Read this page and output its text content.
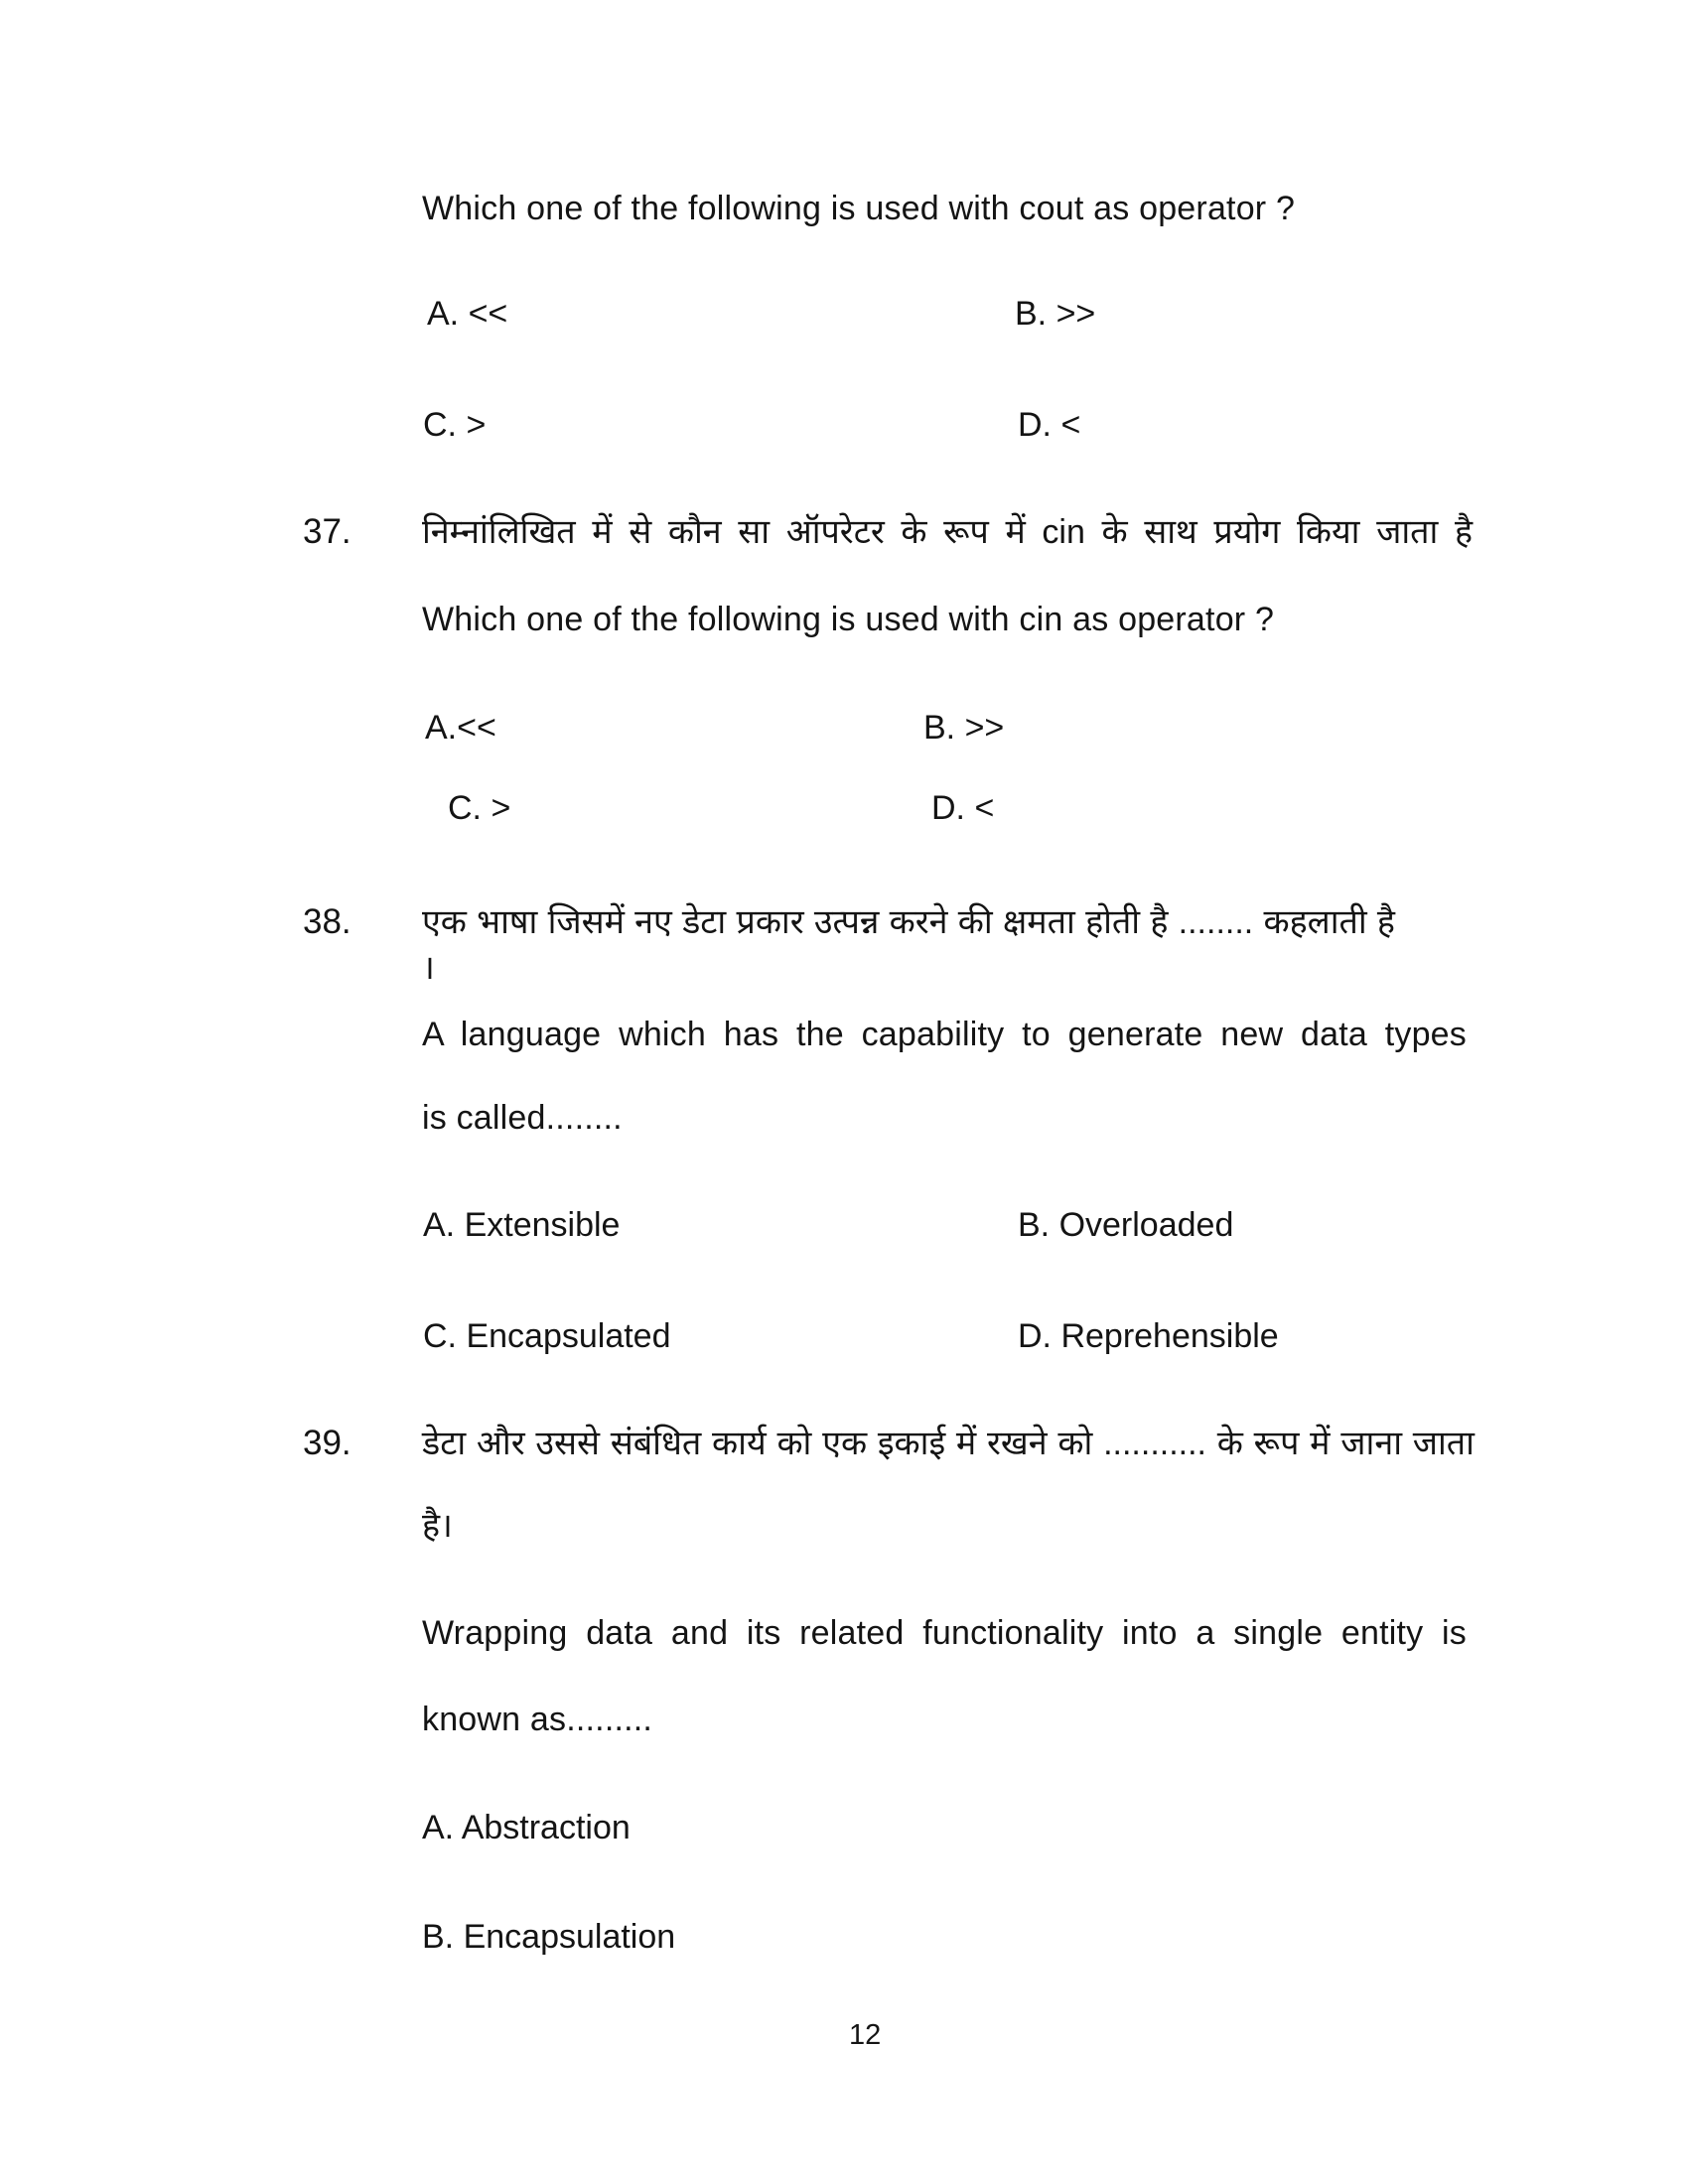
Which one of the following is used with cout as operator ?
A. <<	B. >>
C. >	D. <
37. निम्नांलिखित में से कौन सा ऑपरेटर के रूप में cin के साथ प्रयोग किया जाता है
Which one of the following is used with cin as operator ?
A.<<	B. >>
C. >	D. <
38. एक भाषा जिसमें नए डेटा प्रकार उत्पन्न करने की क्षमता होती है ........ कहलाती है ।
A language which has the capability to generate new data types
is called........
A. Extensible	B. Overloaded
C. Encapsulated	D. Reprehensible
39. डेटा और उससे संबंधित कार्य को एक इकाई में रखने को ........... के रूप में जाना जाता
है।
Wrapping data and its related functionality into a single entity is
known as.........
A. Abstraction
B. Encapsulation
12
